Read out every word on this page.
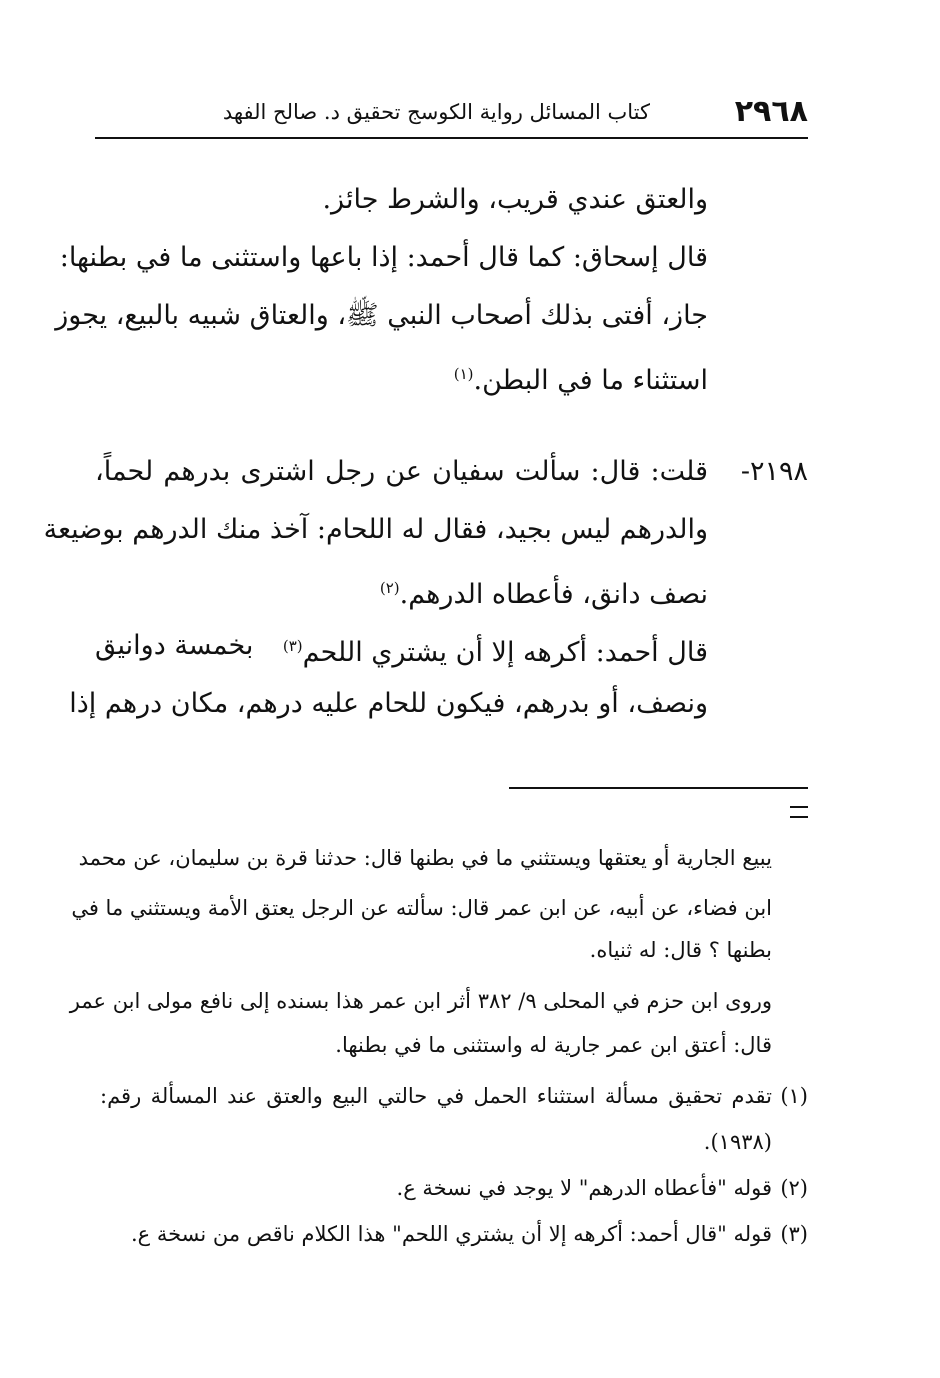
٢٩٦٨
كتاب المسائل رواية الكوسج تحقيق د. صالح الفهد
والعتق عندي قريب، والشرط جائز.
قال إسحاق: كما قال أحمد: إذا باعها واستثنى ما في بطنها:
جاز، أفتى بذلك أصحاب النبي ﷺ، والعتاق شبيه بالبيع، يجوز
استثناء ما في البطن.$^{(١)}$
٢١٩٨-
قلت: قال: سألت سفيان عن رجل اشترى بدرهم لحماً،
والدرهم ليس بجيد، فقال له اللحام: آخذ منك الدرهم بوضيعة
نصف دانق، فأعطاه الدرهم.$^{(٢)}$
قال أحمد: أكرهه إلا أن يشتري اللحم$^{(٣)}$
بخمسة دوانيق
ونصف، أو بدرهم، فيكون للحام عليه درهم، مكان درهم إذا
يبيع الجارية أو يعتقها ويستثني ما في بطنها قال: حدثنا قرة بن سليمان، عن محمد
ابن فضاء، عن أبيه، عن ابن عمر قال: سألته عن الرجل يعتق الأمة ويستثني ما في
بطنها ؟ قال: له ثنياه.
وروى ابن حزم في المحلى ٩/ ٣٨٢ أثر ابن عمر هذا بسنده إلى نافع مولى ابن عمر
قال: أعتق ابن عمر جارية له واستثنى ما في بطنها.
(١)
تقدم تحقيق مسألة استثناء الحمل في حالتي البيع والعتق عند المسألة رقم:
(١٩٣٨).
(٢)
قوله "فأعطاه الدرهم" لا يوجد في نسخة ع.
(٣)
قوله "قال أحمد: أكرهه إلا أن يشتري اللحم" هذا الكلام ناقص من نسخة ع.
